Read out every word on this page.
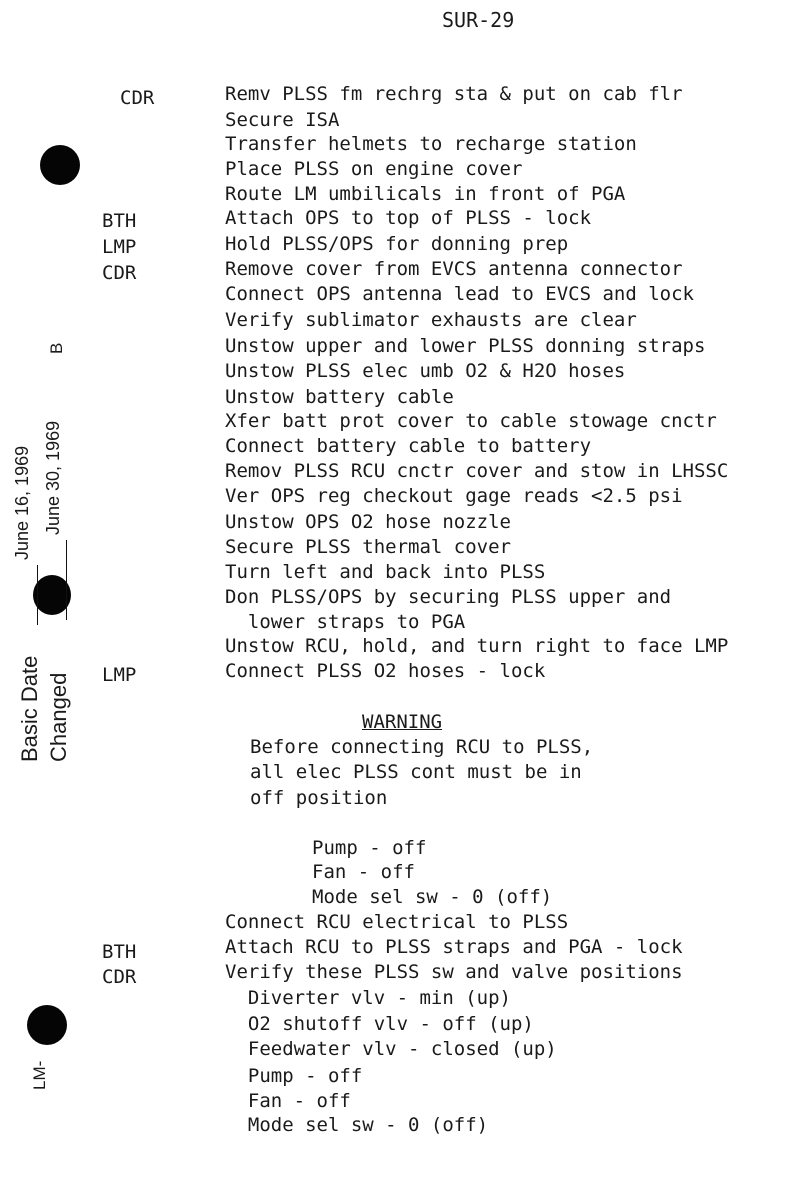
SUR-29
Basic Date Changed
June 16, 1969 June 30, 1969
B
LM-
CDR	Remv PLSS fm rechrg sta & put on cab flr
Secure ISA
Transfer helmets to recharge station
Place PLSS on engine cover
Route LM umbilicals in front of PGA
BTH	Attach OPS to top of PLSS - lock
LMP	Hold PLSS/OPS for donning prep
CDR	Remove cover from EVCS antenna connector
Connect OPS antenna lead to EVCS and lock
Verify sublimator exhausts are clear
Unstow upper and lower PLSS donning straps
Unstow PLSS elec umb O2 & H2O hoses
Unstow battery cable
Xfer batt prot cover to cable stowage cnctr
Connect battery cable to battery
Remov PLSS RCU cnctr cover and stow in LHSSC
Ver OPS reg checkout gage reads <2.5 psi
Unstow OPS O2 hose nozzle
Secure PLSS thermal cover
Turn left and back into PLSS
Don PLSS/OPS by securing PLSS upper and
lower straps to PGA
Unstow RCU, hold, and turn right to face LMP
LMP	Connect PLSS O2 hoses - lock
WARNING
Before connecting RCU to PLSS,
all elec PLSS cont must be in
off position
Pump - off
Fan - off
Mode sel sw - 0 (off)
Connect RCU electrical to PLSS
BTH	Attach RCU to PLSS straps and PGA - lock
CDR	Verify these PLSS sw and valve positions
Diverter vlv - min (up)
O2 shutoff vlv - off (up)
Feedwater vlv - closed (up)
Pump - off
Fan - off
Mode sel sw - 0 (off)
